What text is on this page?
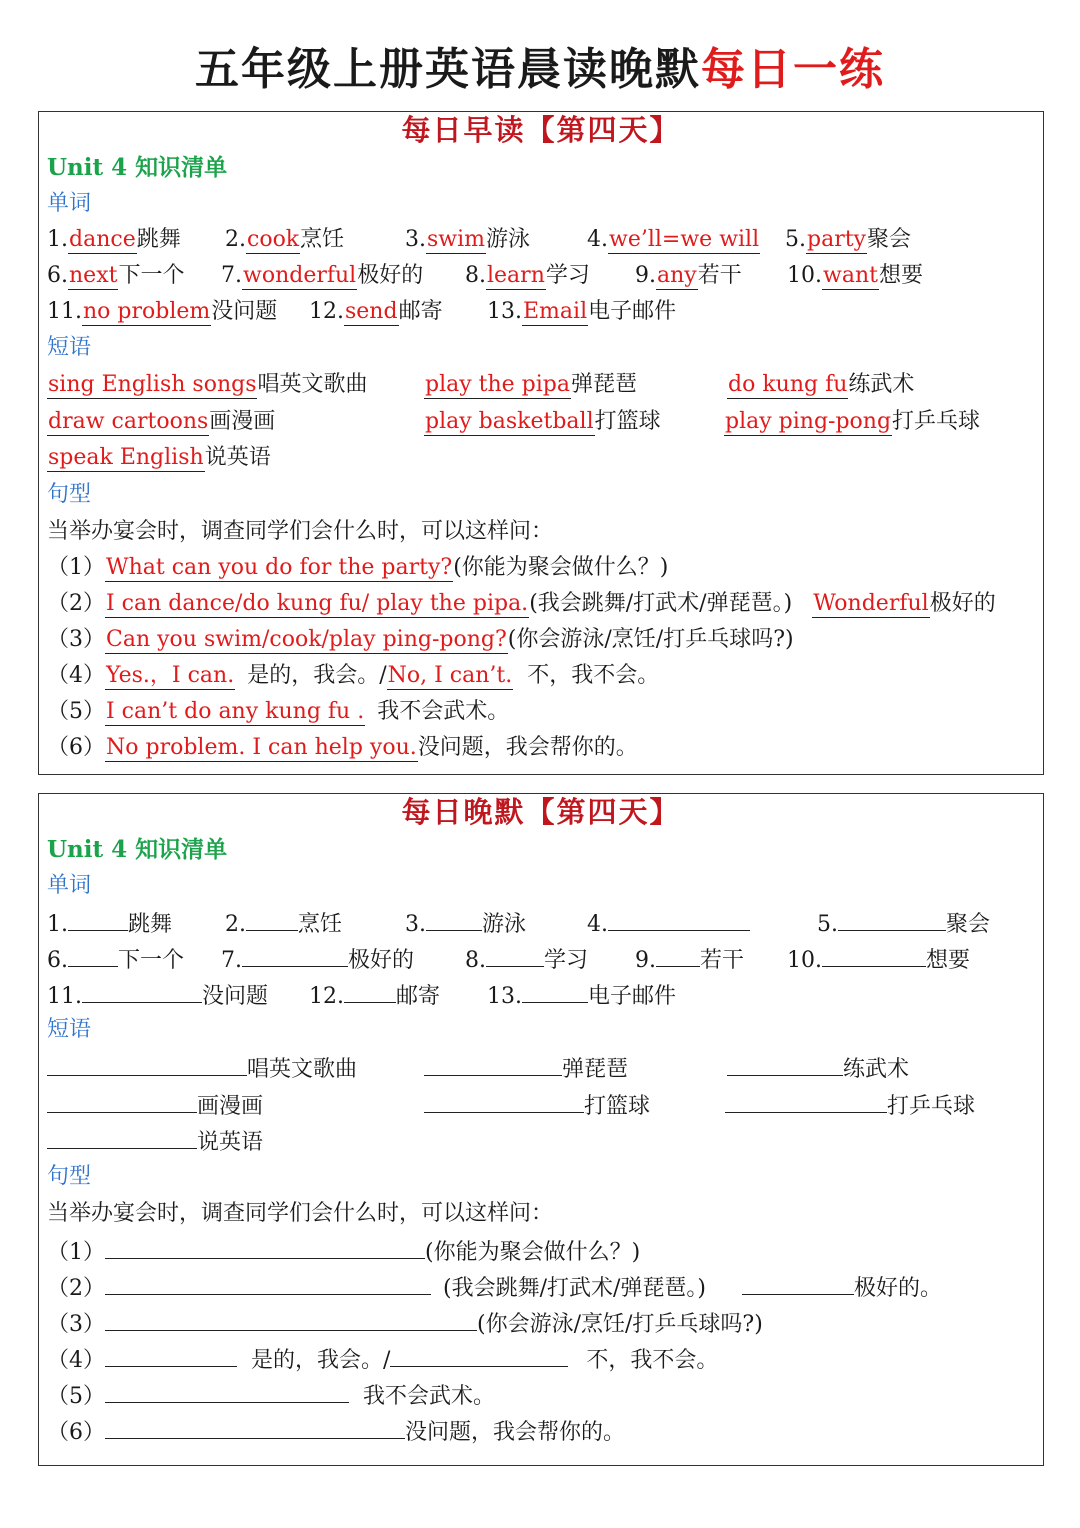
五年级上册英语晨读晚默每日一练
每日早读【第四天】
Unit 4 知识清单
单词
1.dance跳舞 2.cook烹饪	3.swim游泳	4.we’ll=we will 5.party聚会
6.next下一个 7.wonderful极好的 8.learn学习 9.any若干 10.want想要
11.no problem没问题 12.send邮寄 13.Email电子邮件
短语
sing English songs唱英文歌曲	play the pipa弹琵琶	do kung fu练武术
draw cartoons画漫画	play basketball打篮球	play ping-pong打乒乓球
speak English说英语
句型
当举办宴会时，调查同学们会什么时，可以这样问：
（1）What can you do for the party?(你能为聚会做什么？)
（2）I can dance/do kung fu/ play the pipa.(我会跳舞/打武术/弹琵琶。) Wonderful极好的
（3）Can you swim/cook/play ping-pong?(你会游泳/烹饪/打乒乓球吗?)
（4）Yes.，I can. 是的，我会。/No, I can’t. 不，我不会。
（5）I can’t do any kung fu . 我不会武术。
（6）No problem. I can help you.没问题，我会帮你的。
每日晚默【第四天】
Unit 4 知识清单
单词
1.	跳舞 2. 烹饪	3.	游泳	4.	5.	聚会
6. 下一个 7.	极好的 8.	学习 9. 若干 10.	想要
11.	没问题 12. 邮寄 13.	电子邮件
短语
唱英文歌曲	弹琵琶	练武术
画漫画	打篮球	打乒乓球
说英语
句型
当举办宴会时，调查同学们会什么时，可以这样问：
（1）	(你能为聚会做什么？)
（2）	(我会跳舞/打武术/弹琵琶。)	极好的。
（3）	(你会游泳/烹饪/打乒乓球吗?)
（4）	是的，我会。/	不，我不会。
（5）	我不会武术。
（6）	没问题，我会帮你的。
